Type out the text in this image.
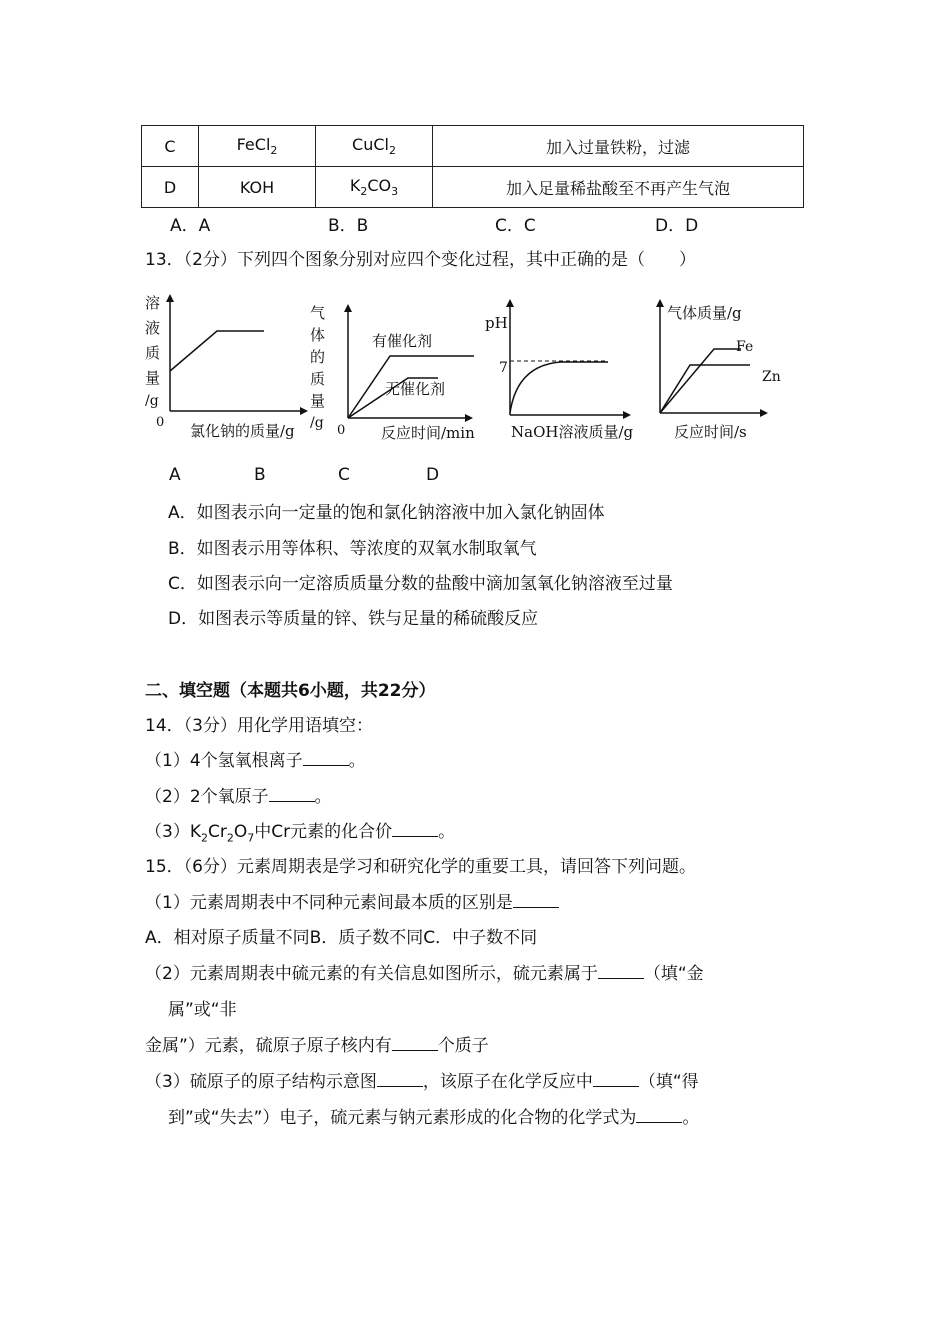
C	FeCl$_2$	CuCl$_2$	加入过量铁粉，过滤
D	KOH	$K_2CO_3$	加入足量稀盐酸至不再产生气泡
A．A	B．B	C．C	D．D
13．（2分）下列四个图象分别对应四个变化过程，其中正确的是（　　）
溶
液
质
量
/g
0 氯化钠的质量/g
气
体
的
质
量
/g 0 反应时间/min
有催化剂
无催化剂
pH
7
NaOH溶液质量/g
气体质量/g
反应时间/s
Fe
Zn
A	B	C	D
A．如图表示向一定量的饱和氯化钠溶液中加入氯化钠固体
B．如图表示用等体积、等浓度的双氧水制取氧气
C．如图表示向一定溶质质量分数的盐酸中滴加氢氧化钠溶液至过量
D．如图表示等质量的锌、铁与足量的稀硫酸反应
二、填空题（本题共6小题，共22分）
14．（3分）用化学用语填空：
（1）4个氢氧根离子	。
（2）2个氧原子	。
$(3)K_2Cr_2O_7$中Cr元素的化合价	。
15．（6分）元素周期表是学习和研究化学的重要工具，请回答下列问题。
（1）元素周期表中不同种元素间最本质的区别是
A．相对原子质量不同B．质子数不同C．中子数不同
（2）元素周期表中硫元素的有关信息如图所示，硫元素属于	（填“金
属”或“非
金属”）元素，硫原子原子核内有	个质子
（3）硫原子的原子结构示意图	，该原子在化学反应中	（填“得
到”或“失去”）电子，硫元素与钠元素形成的化合物的化学式为	。
